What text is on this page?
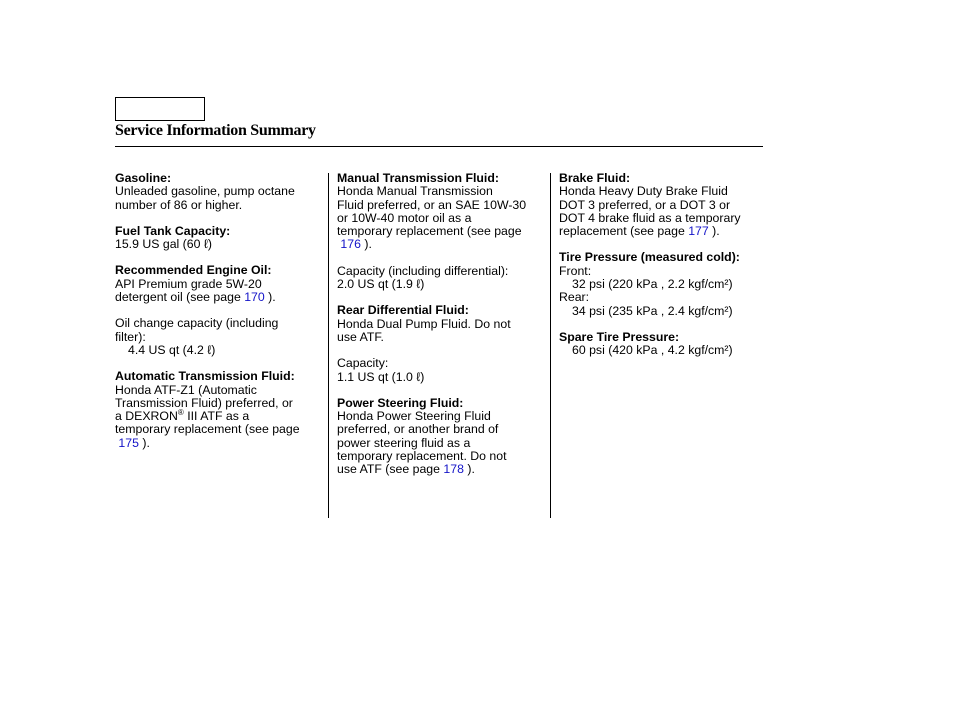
Service Information Summary
Gasoline:
Unleaded gasoline, pump octane
number of 86 or higher.
Fuel Tank Capacity:
15.9 US gal (60 ℓ)
Recommended Engine Oil:
API Premium grade 5W-20
detergent oil (see page 170 ).
Oil change capacity (including
filter):
4.4 US qt (4.2 ℓ)
Automatic Transmission Fluid:
Honda ATF-Z1 (Automatic
Transmission Fluid) preferred, or
a DEXRON® III ATF as a
temporary replacement (see page
175 ).
Manual Transmission Fluid:
Honda Manual Transmission
Fluid preferred, or an SAE 10W-30
or 10W-40 motor oil as a
temporary replacement (see page
176 ).
Capacity (including differential):
2.0 US qt (1.9 ℓ)
Rear Differential Fluid:
Honda Dual Pump Fluid. Do not
use ATF.
Capacity:
1.1 US qt (1.0 ℓ)
Power Steering Fluid:
Honda Power Steering Fluid
preferred, or another brand of
power steering fluid as a
temporary replacement. Do not
use ATF (see page 178 ).
Brake Fluid:
Honda Heavy Duty Brake Fluid
DOT 3 preferred, or a DOT 3 or
DOT 4 brake fluid as a temporary
replacement (see page 177 ).
Tire Pressure (measured cold):
Front:
32 psi (220 kPa , 2.2 kgf/cm²)
Rear:
34 psi (235 kPa , 2.4 kgf/cm²)
Spare Tire Pressure:
60 psi (420 kPa , 4.2 kgf/cm²)
